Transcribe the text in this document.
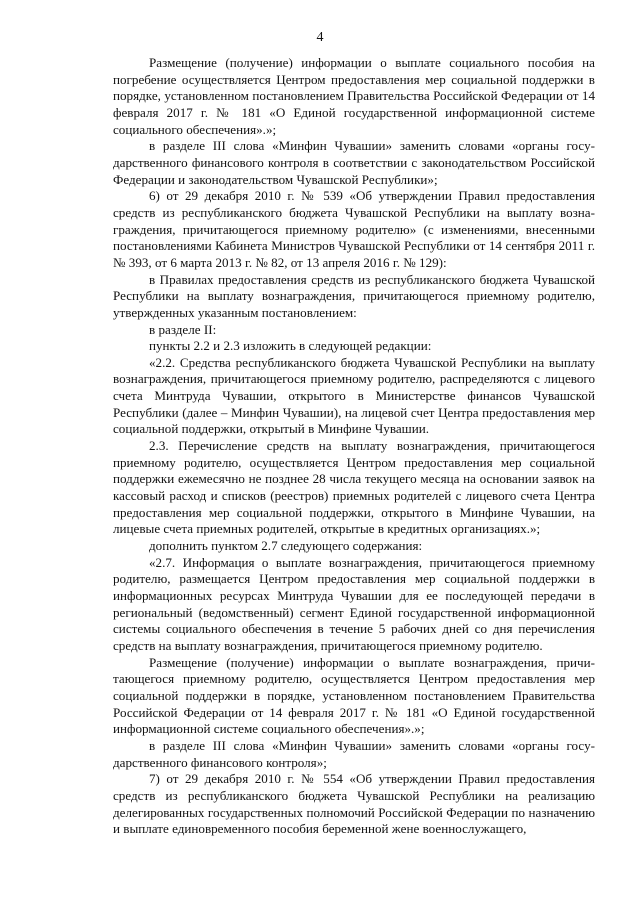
4

Размещение (получение) информации о выплате социального пособия на погребение осуществляется Центром предоставления мер социальной поддержки в порядке, установленном постановлением Правительства Российской Федерации от 14 февраля 2017 г. № 181 «О Единой государственной информационной системе социального обеспечения».»;

в разделе III слова «Минфин Чувашии» заменить словами «органы государственного финансового контроля в соответствии с законодательством Российской Федерации и законодательством Чувашской Республики»;

6) от 29 декабря 2010 г. № 539 «Об утверждении Правил предоставления средств из республиканского бюджета Чувашской Республики на выплату вознаграждения, причитающегося приемному родителю» (с изменениями, внесенными постановлениями Кабинета Министров Чувашской Республики от 14 сентября 2011 г. № 393, от 6 марта 2013 г. № 82, от 13 апреля 2016 г. № 129):

в Правилах предоставления средств из республиканского бюджета Чувашской Республики на выплату вознаграждения, причитающегося приемному родителю, утвержденных указанным постановлением:

в разделе II:

пункты 2.2 и 2.3 изложить в следующей редакции:

«2.2. Средства республиканского бюджета Чувашской Республики на выплату вознаграждения, причитающегося приемному родителю, распределяются с лицевого счета Минтруда Чувашии, открытого в Министерстве финансов Чувашской Республики (далее – Минфин Чувашии), на лицевой счет Центра предоставления мер социальной поддержки, открытый в Минфине Чувашии.

2.3. Перечисление средств на выплату вознаграждения, причитающегося приемному родителю, осуществляется Центром предоставления мер социальной поддержки ежемесячно не позднее 28 числа текущего месяца на основании заявок на кассовый расход и списков (реестров) приемных родителей с лицевого счета Центра предоставления мер социальной поддержки, открытого в Минфине Чувашии, на лицевые счета приемных родителей, открытые в кредитных организациях.»;

дополнить пунктом 2.7 следующего содержания:

«2.7. Информация о выплате вознаграждения, причитающегося приемному родителю, размещается Центром предоставления мер социальной поддержки в информационных ресурсах Минтруда Чувашии для ее последующей передачи в региональный (ведомственный) сегмент Единой государственной информационной системы социального обеспечения в течение 5 рабочих дней со дня перечисления средств на выплату вознаграждения, причитающегося приемному родителю.

Размещение (получение) информации о выплате вознаграждения, причитающегося приемному родителю, осуществляется Центром предоставления мер социальной поддержки в порядке, установленном постановлением Правительства Российской Федерации от 14 февраля 2017 г. № 181 «О Единой государственной информационной системе социального обеспечения».»;

в разделе III слова «Минфин Чувашии» заменить словами «органы государственного финансового контроля»;

7) от 29 декабря 2010 г. № 554 «Об утверждении Правил предоставления средств из республиканского бюджета Чувашской Республики на реализацию делегированных государственных полномочий Российской Федерации по назначению и выплате единовременного пособия беременной жене военнослужащего,
